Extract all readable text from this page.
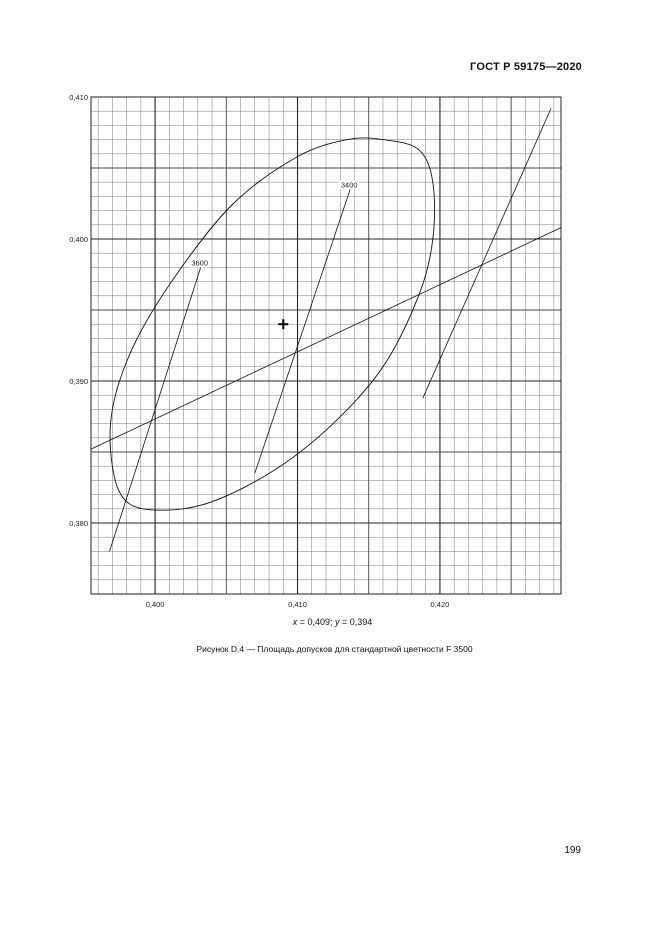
ГОСТ Р 59175—2020
0,380
0,390
0,400
0,410
0,400	0,410	0,420
3600
3400
x = 0,409; y = 0,394
Рисунок D.4 — Площадь допусков для стандартной цветности F 3500
199
